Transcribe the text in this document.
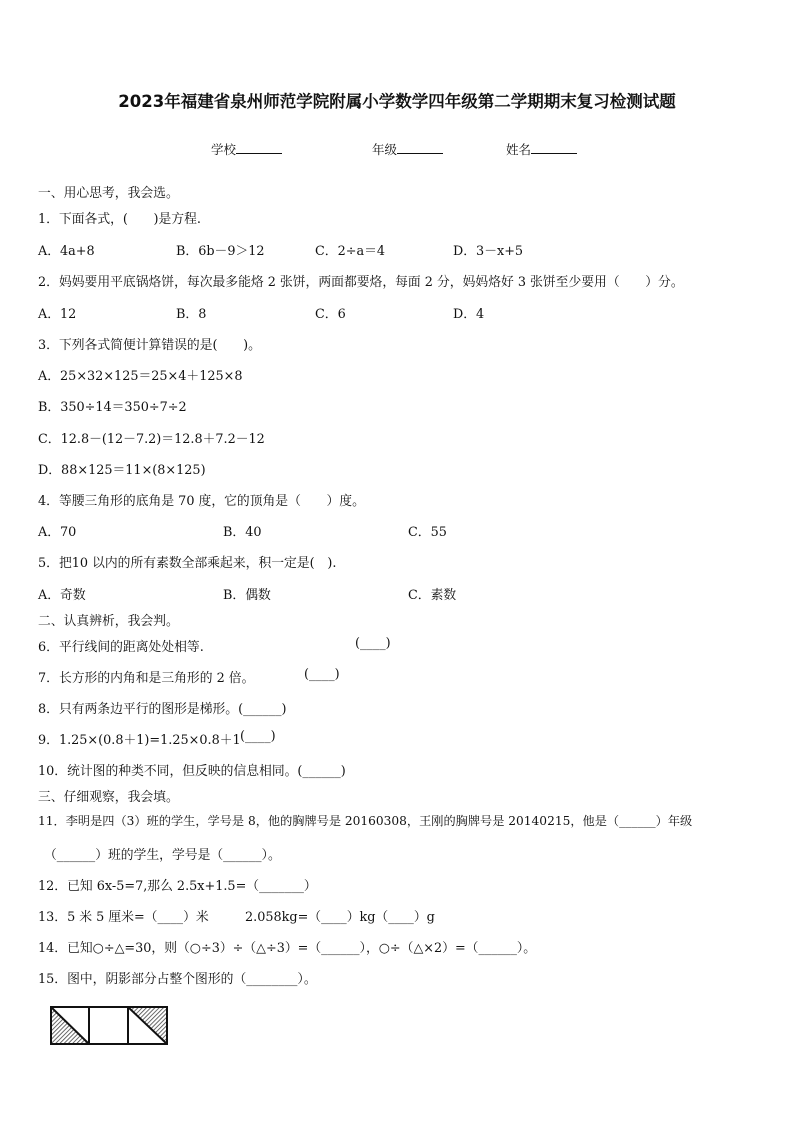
2023年福建省泉州师范学院附属小学数学四年级第二学期期末复习检测试题
学校	年级	姓名
一、用心思考，我会选。
1．下面各式，(　　)是方程.
A．4a+8	B．6b－9＞12	C．2÷a＝4	D．3－x+5
2．妈妈要用平底锅烙饼，每次最多能烙 2 张饼，两面都要烙，每面 2 分，妈妈烙好 3 张饼至少要用（　　）分。
A．12	B．8	C．6	D．4
3．下列各式简便计算错误的是(　　)。
A．25×32×125＝25×4＋125×8
B．350÷14＝350÷7÷2
C．12.8－(12－7.2)＝12.8＋7.2－12
D．88×125＝11×(8×125)
4．等腰三角形的底角是 70 度，它的顶角是（　　）度。
A．70	B．40	C．55
5．把10 以内的所有素数全部乘起来，积一定是(　).
A．奇数	B．偶数	C．素数
二、认真辨析，我会判。
6．平行线间的距离处处相等.	(____)
7．长方形的内角和是三角形的 2 倍。	(____)
8．只有两条边平行的图形是梯形。(______)
9．1.25×(0.8＋1)=1.25×0.8＋1 (____)
10．统计图的种类不同，但反映的信息相同。(______)
三、仔细观察，我会填。
11．李明是四（3）班的学生，学号是 8，他的胸牌号是 20160308，王刚的胸牌号是 20140215，他是（______）年级
（______）班的学生，学号是（______）。
12．已知 6x-5=7,那么 2.5x+1.5=（_______）
13．5 米 5 厘米=（____）米	2.058kg=（____）kg（____）g
14．已知○÷△=30，则（○÷3）÷（△÷3）=（______），○÷（△×2）=（______）。
15．图中，阴影部分占整个图形的（________）。
